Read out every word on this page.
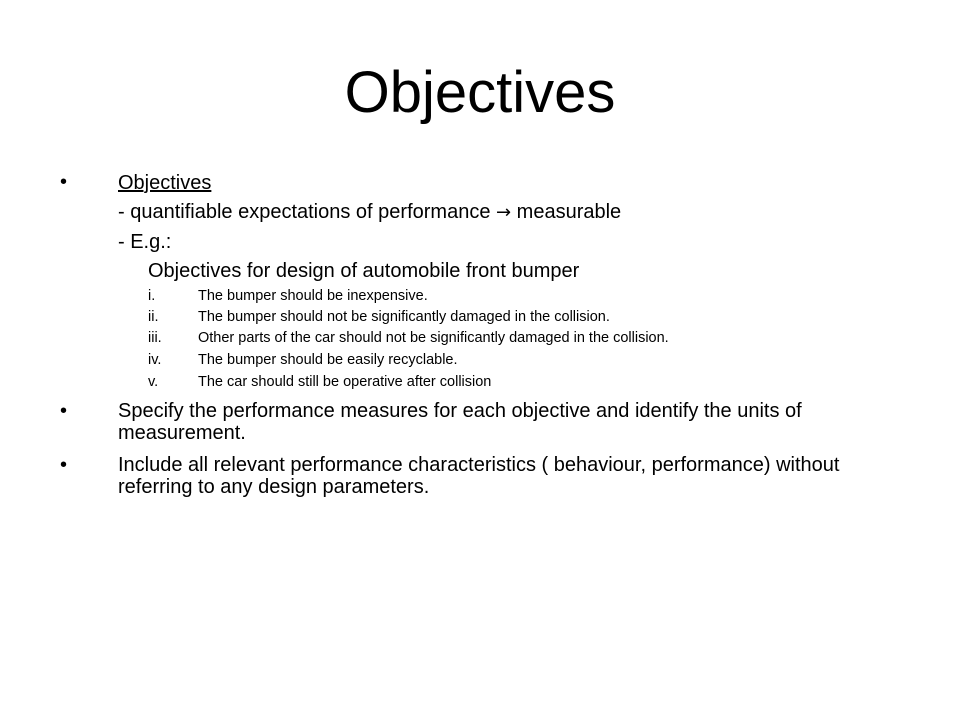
Objectives
•	Objectives
- quantifiable expectations of performance → measurable
- E.g.:
Objectives for design of automobile front bumper
i.	The bumper should be inexpensive.
ii.	The bumper should not be significantly damaged in the collision.
iii.	Other parts of the car should not be significantly damaged in the collision.
iv.	The bumper should be easily recyclable.
v.	The car should still be operative after collision
•	Specify the performance measures for each objective and identify the units of measurement.
•	Include all relevant performance characteristics ( behaviour, performance) without referring to any design parameters.
